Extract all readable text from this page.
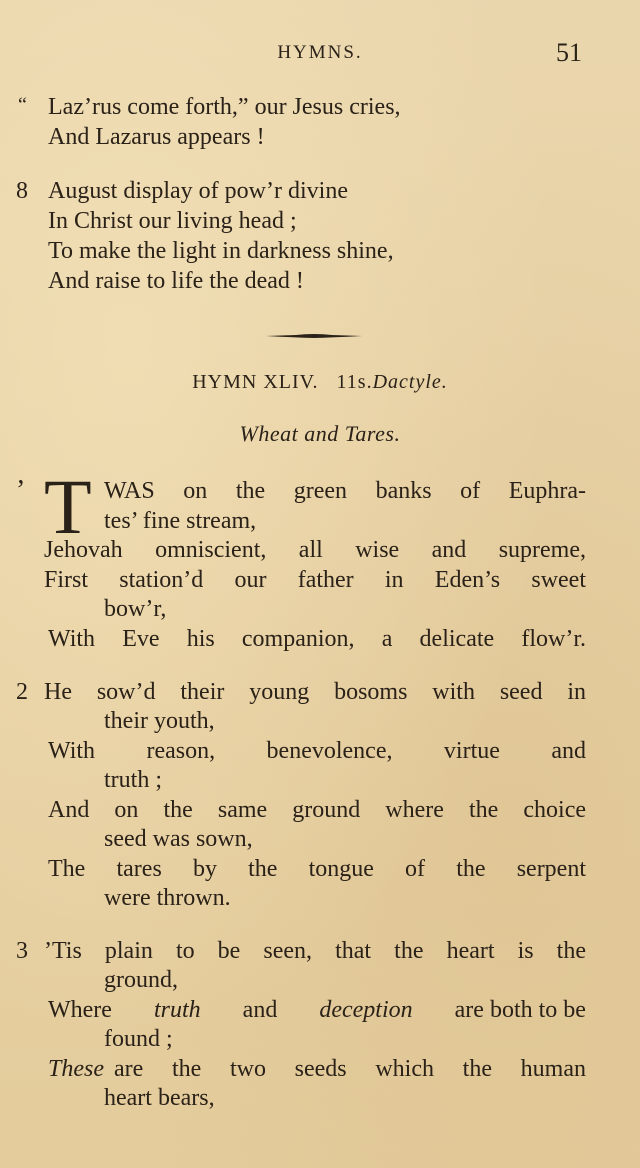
HYMNS.	51
“ Laz’rus come forth,” our Jesus cries,
And Lazarus appears !
8 August display of pow’r divine
In Christ our living head ;
To make the light in darkness shine,
And raise to life the dead !
HYMN XLIV. 11s.Dactyle.
Wheat and Tares.
’ T WAS on the green banks of Euphra-
tes’ fine stream,
Jehovah omniscient, all wise and supreme,
First station’d our father in Eden’s sweet
bow’r,
With Eve his companion, a delicate flow’r.
2 He sow’d their young bosoms with seed in
their youth,
With reason, benevolence, virtue and
truth ;
And on the same ground where the choice
seed was sown,
The tares by the tongue of the serpent
were thrown.
3 ’Tis plain to be seen, that the heart is the
ground,
Where truth and deception are both to be
found ;
These are the two seeds which the human
heart bears,
